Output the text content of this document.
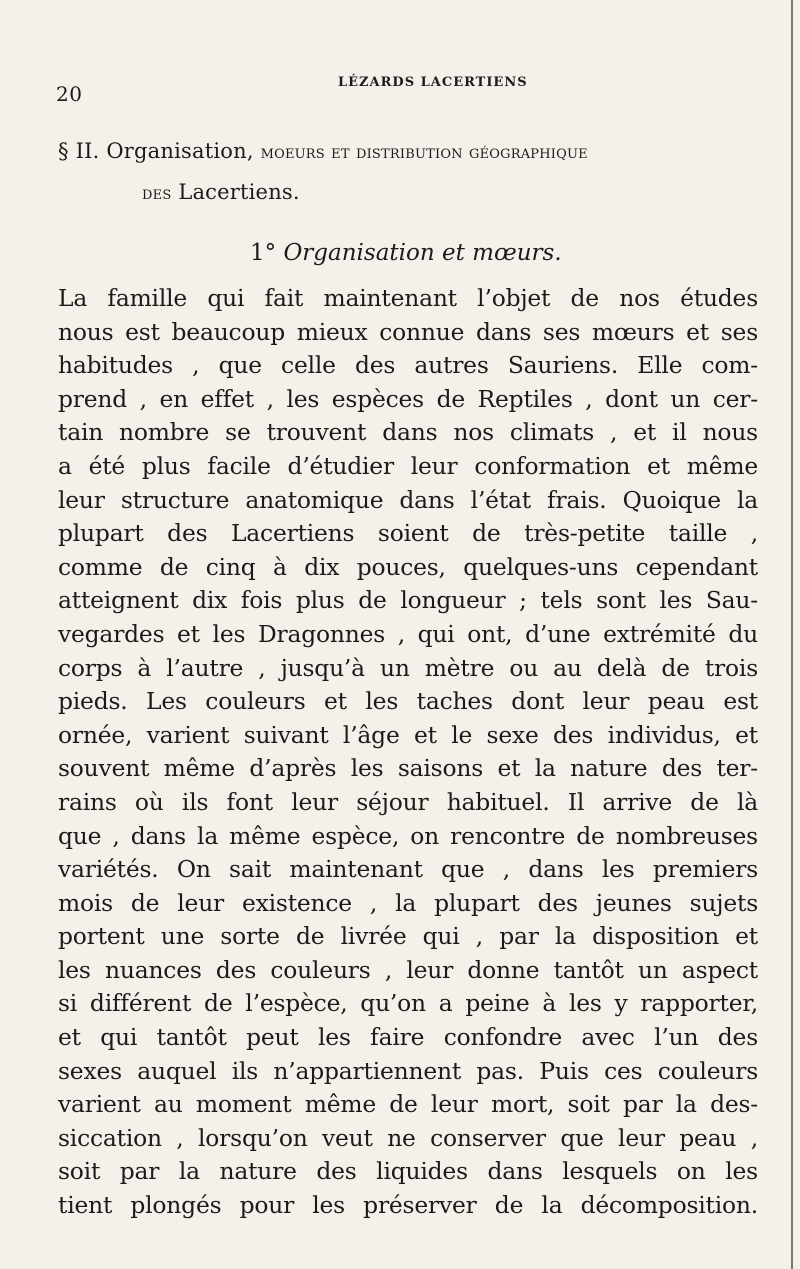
20	LÉZARDS LACERTIENS
§ II. Organisation, moeurs et distribution géographique
des Lacertiens.
1° Organisation et mœurs.
La famille qui fait maintenant l’objet de nos études
nous est beaucoup mieux connue dans ses mœurs et ses
habitudes , que celle des autres Sauriens. Elle com-
prend , en effet , les espèces de Reptiles , dont un cer-
tain nombre se trouvent dans nos climats , et il nous
a été plus facile d’étudier leur conformation et même
leur structure anatomique dans l’état frais. Quoique la
plupart des Lacertiens soient de très-petite taille ,
comme de cinq à dix pouces, quelques-uns cependant
atteignent dix fois plus de longueur ; tels sont les Sau-
vegardes et les Dragonnes , qui ont, d’une extrémité du
corps à l’autre , jusqu’à un mètre ou au delà de trois
pieds. Les couleurs et les taches dont leur peau est
ornée, varient suivant l’âge et le sexe des individus, et
souvent même d’après les saisons et la nature des ter-
rains où ils font leur séjour habituel. Il arrive de là
que , dans la même espèce, on rencontre de nombreuses
variétés. On sait maintenant que , dans les premiers
mois de leur existence , la plupart des jeunes sujets
portent une sorte de livrée qui , par la disposition et
les nuances des couleurs , leur donne tantôt un aspect
si différent de l’espèce, qu’on a peine à les y rapporter,
et qui tantôt peut les faire confondre avec l’un des
sexes auquel ils n’appartiennent pas. Puis ces couleurs
varient au moment même de leur mort, soit par la des-
siccation , lorsqu’on veut ne conserver que leur peau ,
soit par la nature des liquides dans lesquels on les
tient plongés pour les préserver de la décomposition.
